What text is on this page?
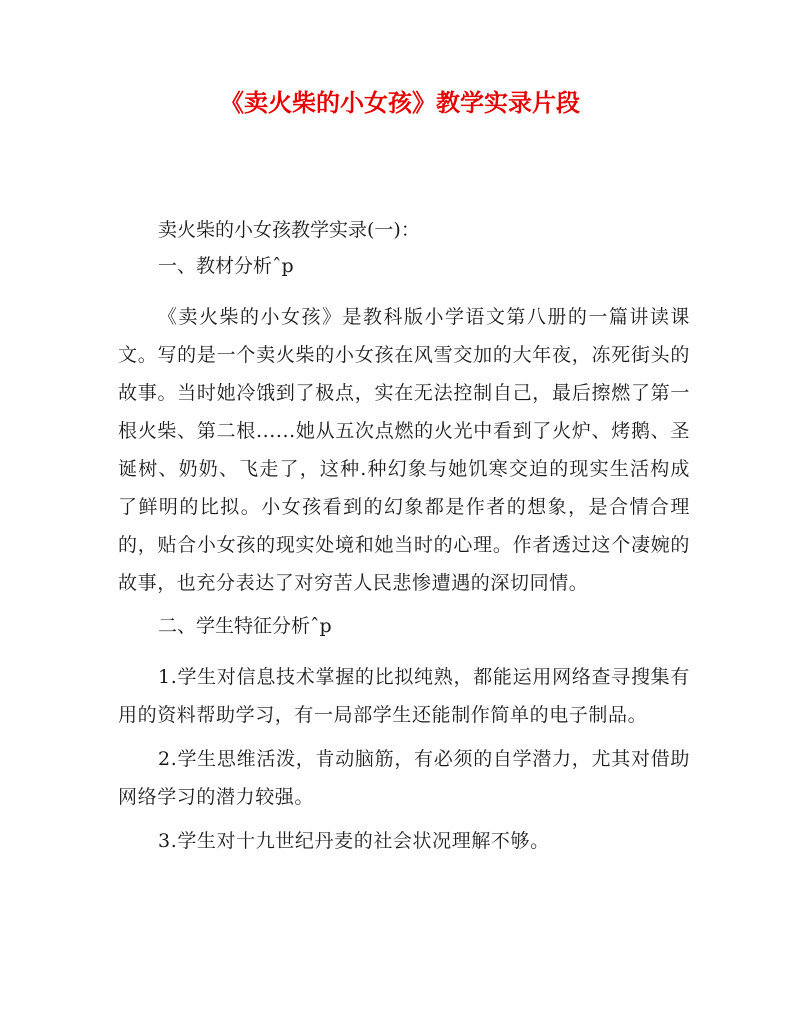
《卖火柴的小女孩》教学实录片段
卖火柴的小女孩教学实录(一)：
一、教材分析ˆp

《卖火柴的小女孩》是教科版小学语文第八册的一篇讲读课文。写的是一个卖火柴的小女孩在风雪交加的大年夜，冻死街头的故事。当时她冷饿到了极点，实在无法控制自己，最后擦燃了第一根火柴、第二根......她从五次点燃的火光中看到了火炉、烤鹅、圣诞树、奶奶、飞走了，这种.种幻象与她饥寒交迫的现实生活构成了鲜明的比拟。小女孩看到的幻象都是作者的想象，是合情合理的，贴合小女孩的现实处境和她当时的心理。作者透过这个凄婉的故事，也充分表达了对穷苦人民悲惨遭遇的深切同情。

二、学生特征分析ˆp

1.学生对信息技术掌握的比拟纯熟，都能运用网络查寻搜集有用的资料帮助学习，有一局部学生还能制作简单的电子制品。

2.学生思维活泼，肯动脑筋，有必须的自学潜力，尤其对借助网络学习的潜力较强。

3.学生对十九世纪丹麦的社会状况理解不够。
